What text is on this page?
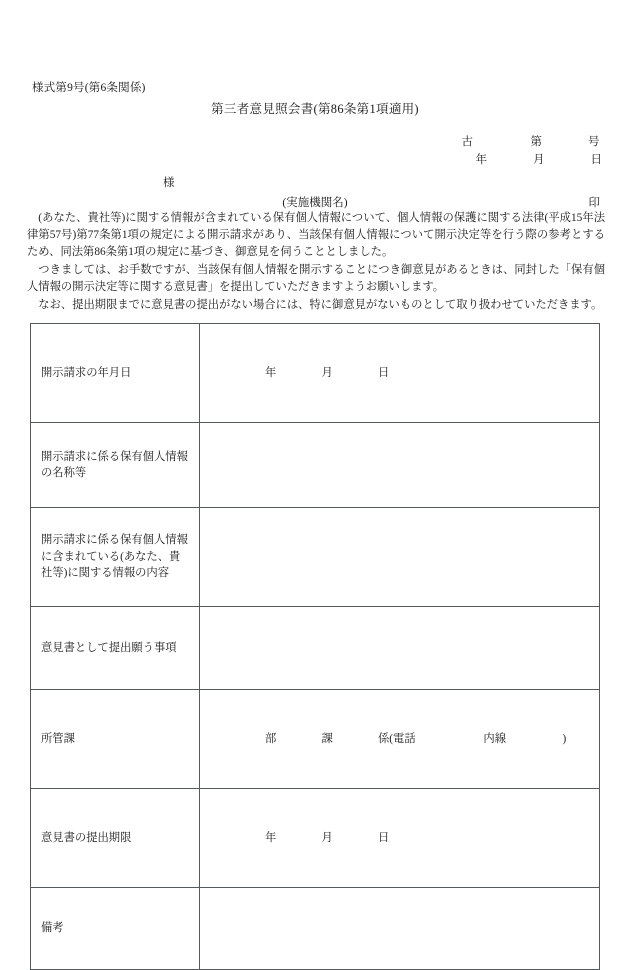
様式第9号(第6条関係)
第三者意見照会書(第86条第1項適用)
古　　　　　第　　　　号
年　　　　月　　　　日
様
(実施機関名)	印

(あなた、貴社等)に関する情報が含まれている保有個人情報について、個人情報の保護に関する法律(平成15年法律第57号)第77条第1項の規定による開示請求があり、当該保有個人情報について開示決定等を行う際の参考とするため、同法第86条第1項の規定に基づき、御意見を伺うこととしました。

つきましては、お手数ですが、当該保有個人情報を開示することにつき御意見があるときは、同封した「保有個人情報の開示決定等に関する意見書」を提出していただきますようお願いします。

なお、提出期限までに意見書の提出がない場合には、特に御意見がないものとして取り扱わせていただきます。

開示請求の年月日	年　　　　月　　　　日

開示請求に係る保有個人情報の名称等	

開示請求に係る保有個人情報に含まれている(あなた、貴社等)に関する情報の内容	

意見書として提出願う事項	

所管課	部　　　　課　　　　係(電話　　　　　　内線　　　　　)

意見書の提出期限	年　　　　月　　　　日

備考	
